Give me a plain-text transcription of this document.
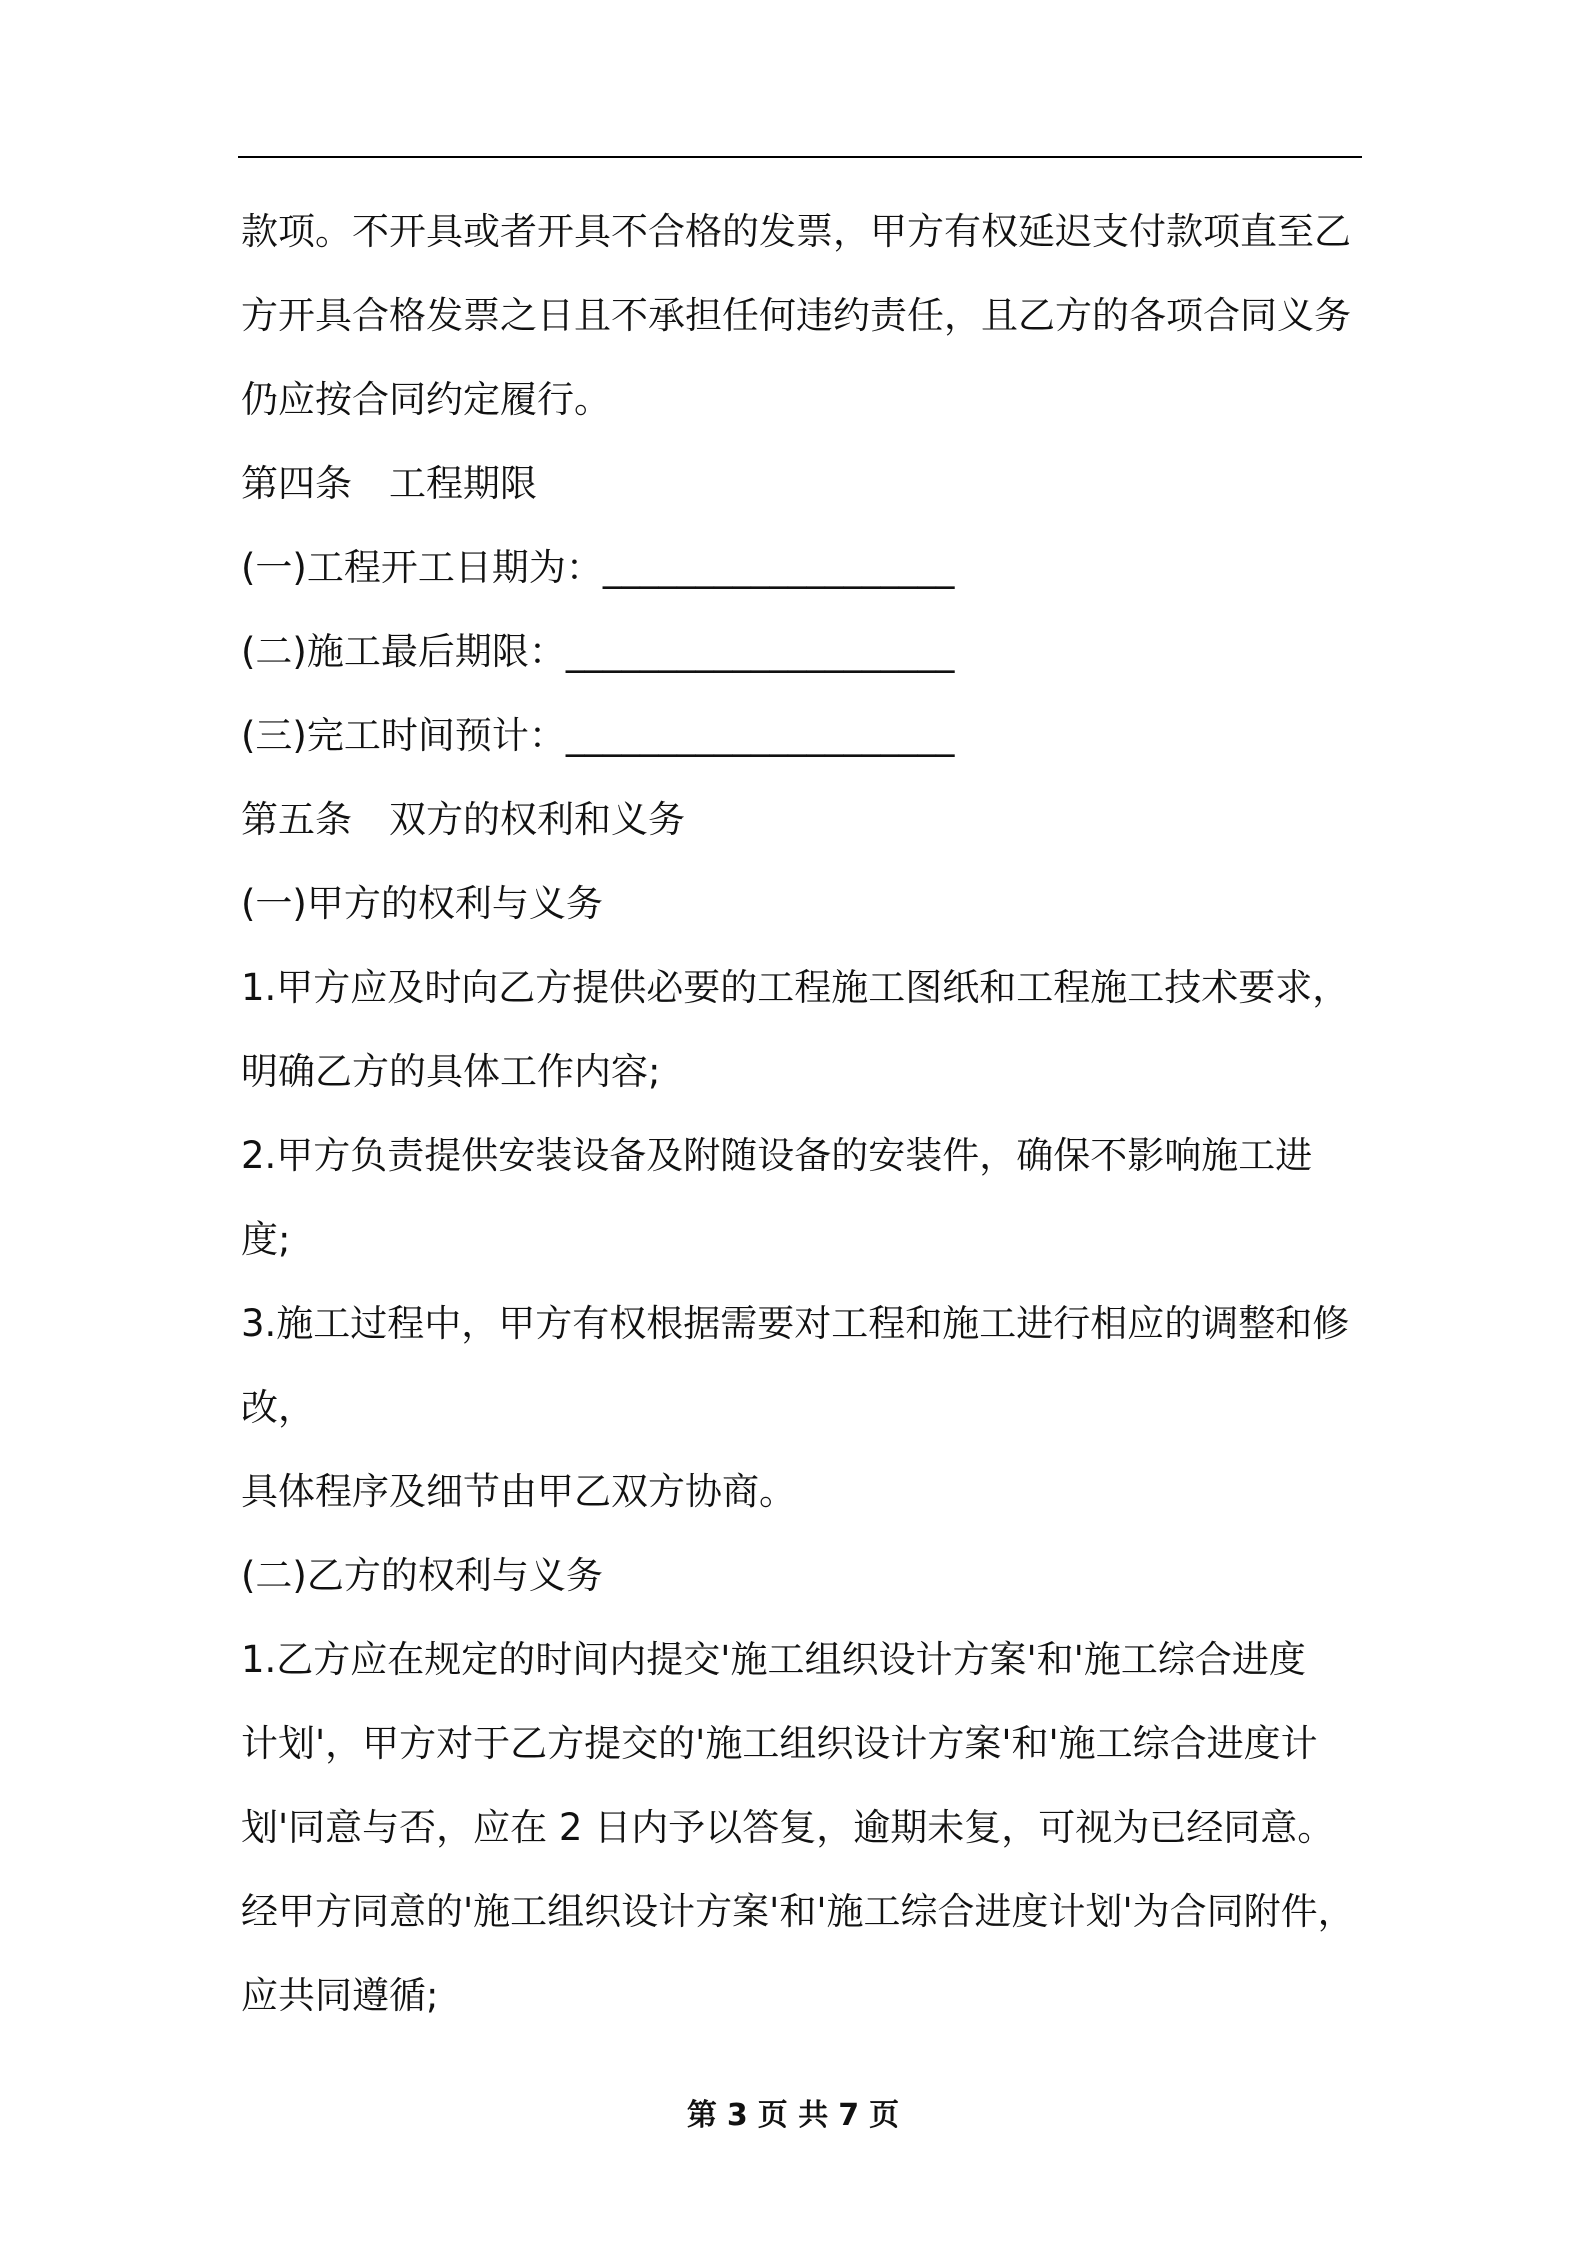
款项。不开具或者开具不合格的发票，甲方有权延迟支付款项直至乙
方开具合格发票之日且不承担任何违约责任，且乙方的各项合同义务
仍应按合同约定履行。
第四条　工程期限
(一)工程开工日期为：___________________
(二)施工最后期限：_____________________
(三)完工时间预计：_____________________
第五条　双方的权利和义务
(一)甲方的权利与义务
1.甲方应及时向乙方提供必要的工程施工图纸和工程施工技术要求，
明确乙方的具体工作内容;
2.甲方负责提供安装设备及附随设备的安装件，确保不影响施工进
度;
3.施工过程中，甲方有权根据需要对工程和施工进行相应的调整和修
改，
具体程序及细节由甲乙双方协商。
(二)乙方的权利与义务
1.乙方应在规定的时间内提交'施工组织设计方案'和'施工综合进度
计划'，甲方对于乙方提交的'施工组织设计方案'和'施工综合进度计
划'同意与否，应在 2 日内予以答复，逾期未复，可视为已经同意。
经甲方同意的'施工组织设计方案'和'施工综合进度计划'为合同附件，
应共同遵循;
第 3 页 共 7 页
